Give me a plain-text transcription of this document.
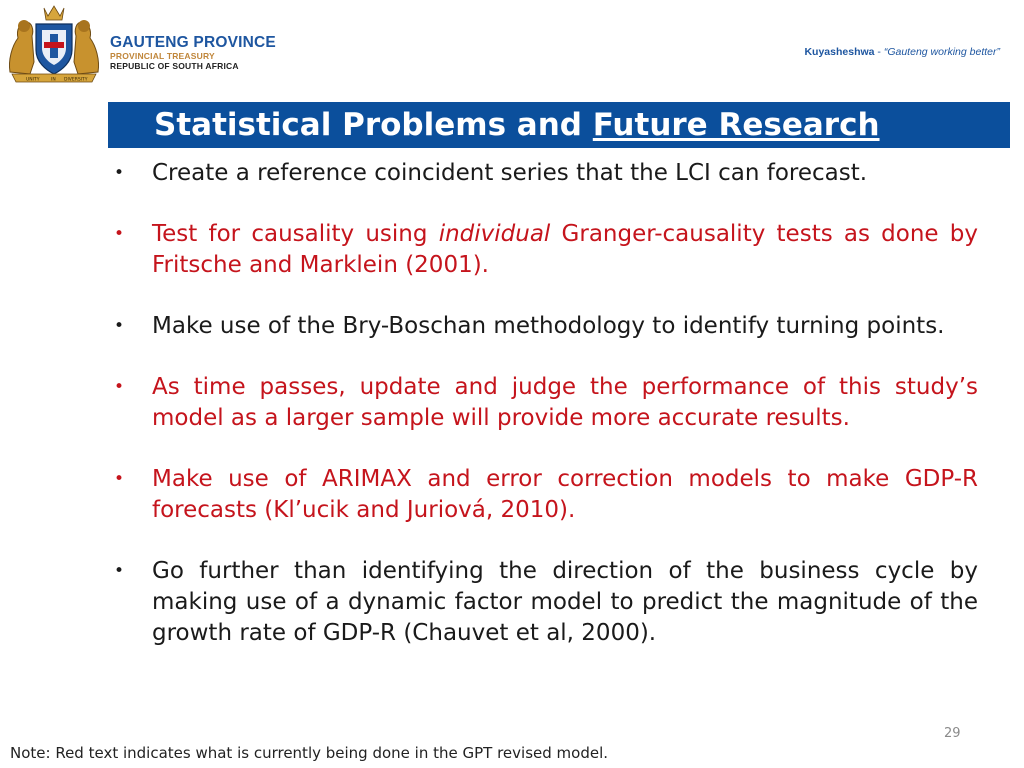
UNITY	IN DIVERSITY
GAUTENG PROVINCE
PROVINCIAL TREASURY
REPUBLIC OF SOUTH AFRICA
Kuyasheshwa - “Gauteng working better”
Statistical Problems and Future Research
•	Create a reference coincident series that the LCI can forecast.
•	Test for causality using individual Granger-causality tests as done by Fritsche and Marklein (2001).
•	Make use of the Bry-Boschan methodology to identify turning points.
•	As time passes, update and judge the performance of this study’s model as a larger sample will provide more accurate results.
•	Make use of ARIMAX and error correction models to make GDP-R forecasts (Kl’ucik and Juriová, 2010).
•	Go further than identifying the direction of the business cycle by making use of a dynamic factor model to predict the magnitude of the growth rate of GDP-R (Chauvet et al, 2000).
29
Note: Red text indicates what is currently being done in the GPT revised model.
